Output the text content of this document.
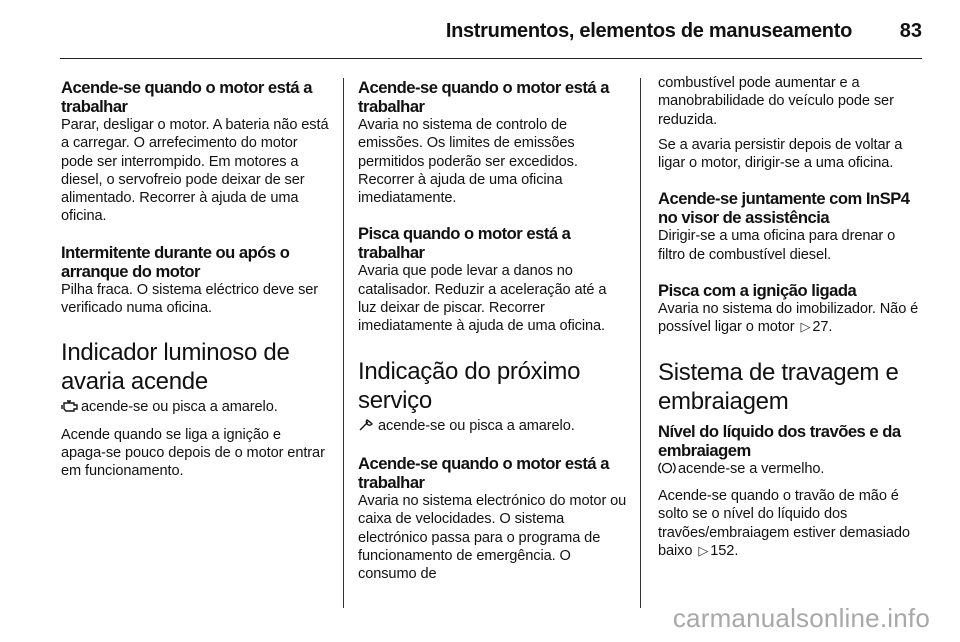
Instrumentos, elementos de manuseamento 83

Acende-se quando o motor está a trabalhar

Parar, desligar o motor. A bateria não está a carregar. O arrefecimento do motor pode ser interrompido. Em motores a diesel, o servofreio pode deixar de ser alimentado. Recorrer à ajuda de uma oficina.

Intermitente durante ou após o arranque do motor

Pilha fraca. O sistema eléctrico deve ser verificado numa oficina.

Indicador luminoso de avaria acende

acende-se ou pisca a amarelo.

Acende quando se liga a ignição e apaga-se pouco depois de o motor entrar em funcionamento.

Acende-se quando o motor está a trabalhar

Avaria no sistema de controlo de emissões. Os limites de emissões permitidos poderão ser excedidos. Recorrer à ajuda de uma oficina imediatamente.

Pisca quando o motor está a trabalhar

Avaria que pode levar a danos no catalisador. Reduzir a aceleração até a luz deixar de piscar. Recorrer imediatamente à ajuda de uma oficina.

Indicação do próximo serviço

acende-se ou pisca a amarelo.

Acende-se quando o motor está a trabalhar

Avaria no sistema electrónico do motor ou caixa de velocidades. O sistema electrónico passa para o programa de funcionamento de emergência. O consumo de

combustível pode aumentar e a manobrabilidade do veículo pode ser reduzida.

Se a avaria persistir depois de voltar a ligar o motor, dirigir-se a uma oficina.

Acende-se juntamente com InSP4 no visor de assistência

Dirigir-se a uma oficina para drenar o filtro de combustível diesel.

Pisca com a ignição ligada

Avaria no sistema do imobilizador. Não é possível ligar o motor ▷ 27.

Sistema de travagem e embraiagem

Nível do líquido dos travões e da embraiagem

acende-se a vermelho.

Acende-se quando o travão de mão é solto se o nível do líquido dos travões/embraiagem estiver demasiado baixo ▷ 152.

carmanualsonline.info
